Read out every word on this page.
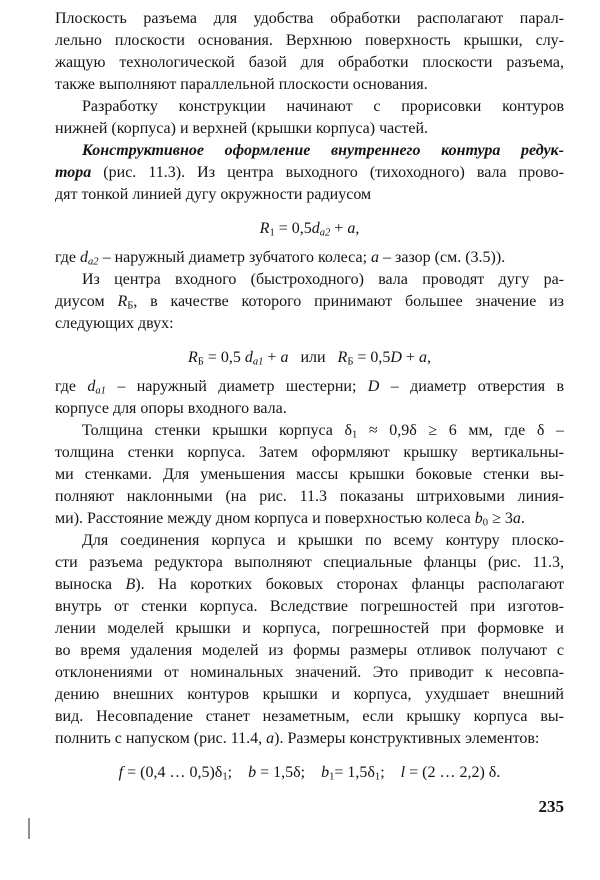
Плоскость разъема для удобства обработки располагают парал-
лельно плоскости основания. Верхнюю поверхность крышки, слу-
жащую технологической базой для обработки плоскости разъема,
также выполняют параллельной плоскости основания.
Разработку конструкции начинают с прорисовки контуров
нижней (корпуса) и верхней (крышки корпуса) частей.
Конструктивное оформление внутреннего контура редук-
тора (рис. 11.3). Из центра выходного (тихоходного) вала прово-
дят тонкой линией дугу окружности радиусом
R1 = 0,5da2 + a,
где da2 – наружный диаметр зубчатого колеса; a – зазор (см. (3.5)).
Из центра входного (быстроходного) вала проводят дугу ра-
диусом RБ, в качестве которого принимают большее значение из
следующих двух:
RБ = 0,5 da1 + a   или   RБ = 0,5D + a,
где da1 – наружный диаметр шестерни; D – диаметр отверстия в
корпусе для опоры входного вала.
Толщина стенки крышки корпуса δ1 ≈ 0,9δ ≥ 6 мм, где δ –
толщина стенки корпуса. Затем оформляют крышку вертикальны-
ми стенками. Для уменьшения массы крышки боковые стенки вы-
полняют наклонными (на рис. 11.3 показаны штриховыми линия-
ми). Расстояние между дном корпуса и поверхностью колеса b0 ≥ 3a.
Для соединения корпуса и крышки по всему контуру плоско-
сти разъема редуктора выполняют специальные фланцы (рис. 11.3,
выноска B). На коротких боковых сторонах фланцы располагают
внутрь от стенки корпуса. Вследствие погрешностей при изготов-
лении моделей крышки и корпуса, погрешностей при формовке и
во время удаления моделей из формы размеры отливок получают с
отклонениями от номинальных значений. Это приводит к несовпа-
дению внешних контуров крышки и корпуса, ухудшает внешний
вид. Несовпадение станет незаметным, если крышку корпуса вы-
полнить с напуском (рис. 11.4, a). Размеры конструктивных элементов:
f = (0,4 … 0,5)δ1;    b = 1,5δ;    b1= 1,5δ1;    l = (2 … 2,2) δ.
235
